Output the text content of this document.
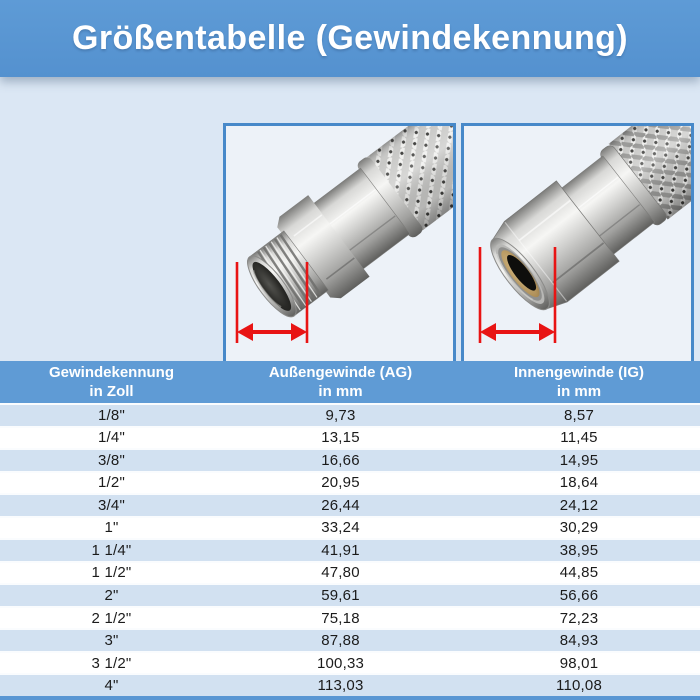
Größentabelle (Gewindekennung)
Gewindekennung
in Zoll
Außengewinde (AG)
in mm
Innengewinde (IG)
in mm
1/8"	9,73	8,57
1/4"	13,15	11,45
3/8"	16,66	14,95
1/2"	20,95	18,64
3/4"	26,44	24,12
1"	33,24	30,29
1 1/4"	41,91	38,95
1 1/2"	47,80	44,85
2"	59,61	56,66
2 1/2"	75,18	72,23
3"	87,88	84,93
3 1/2"	100,33	98,01
4"	113,03	110,08
